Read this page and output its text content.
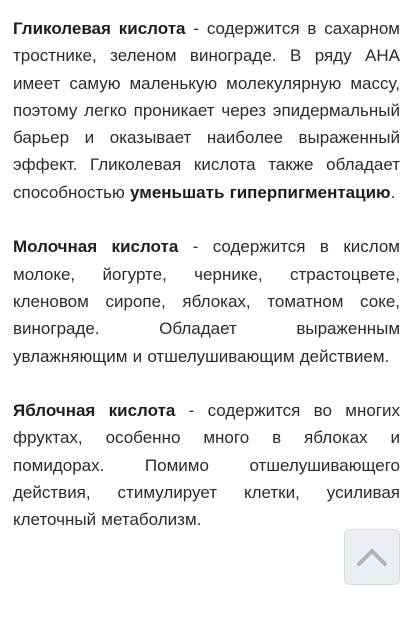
Гликолевая кислота - содержится в сахарном тростнике, зеленом винограде. В ряду АНА имеет самую маленькую молекулярную массу, поэтому легко проникает через эпидермальный барьер и оказывает наиболее выраженный эффект. Гликолевая кислота также обладает способностью уменьшать гиперпигментацию.

Молочная кислота - содержится в кислом молоке, йогурте, чернике, страстоцвете, кленовом сиропе, яблоках, томатном соке, винограде. Обладает выраженным увлажняющим и отшелушивающим действием.

Яблочная кислота - содержится во многих фруктах, особенно много в яблоках и помидорах. Помимо отшелушивающего действия, стимулирует клетки, усиливая клеточный метаболизм.
